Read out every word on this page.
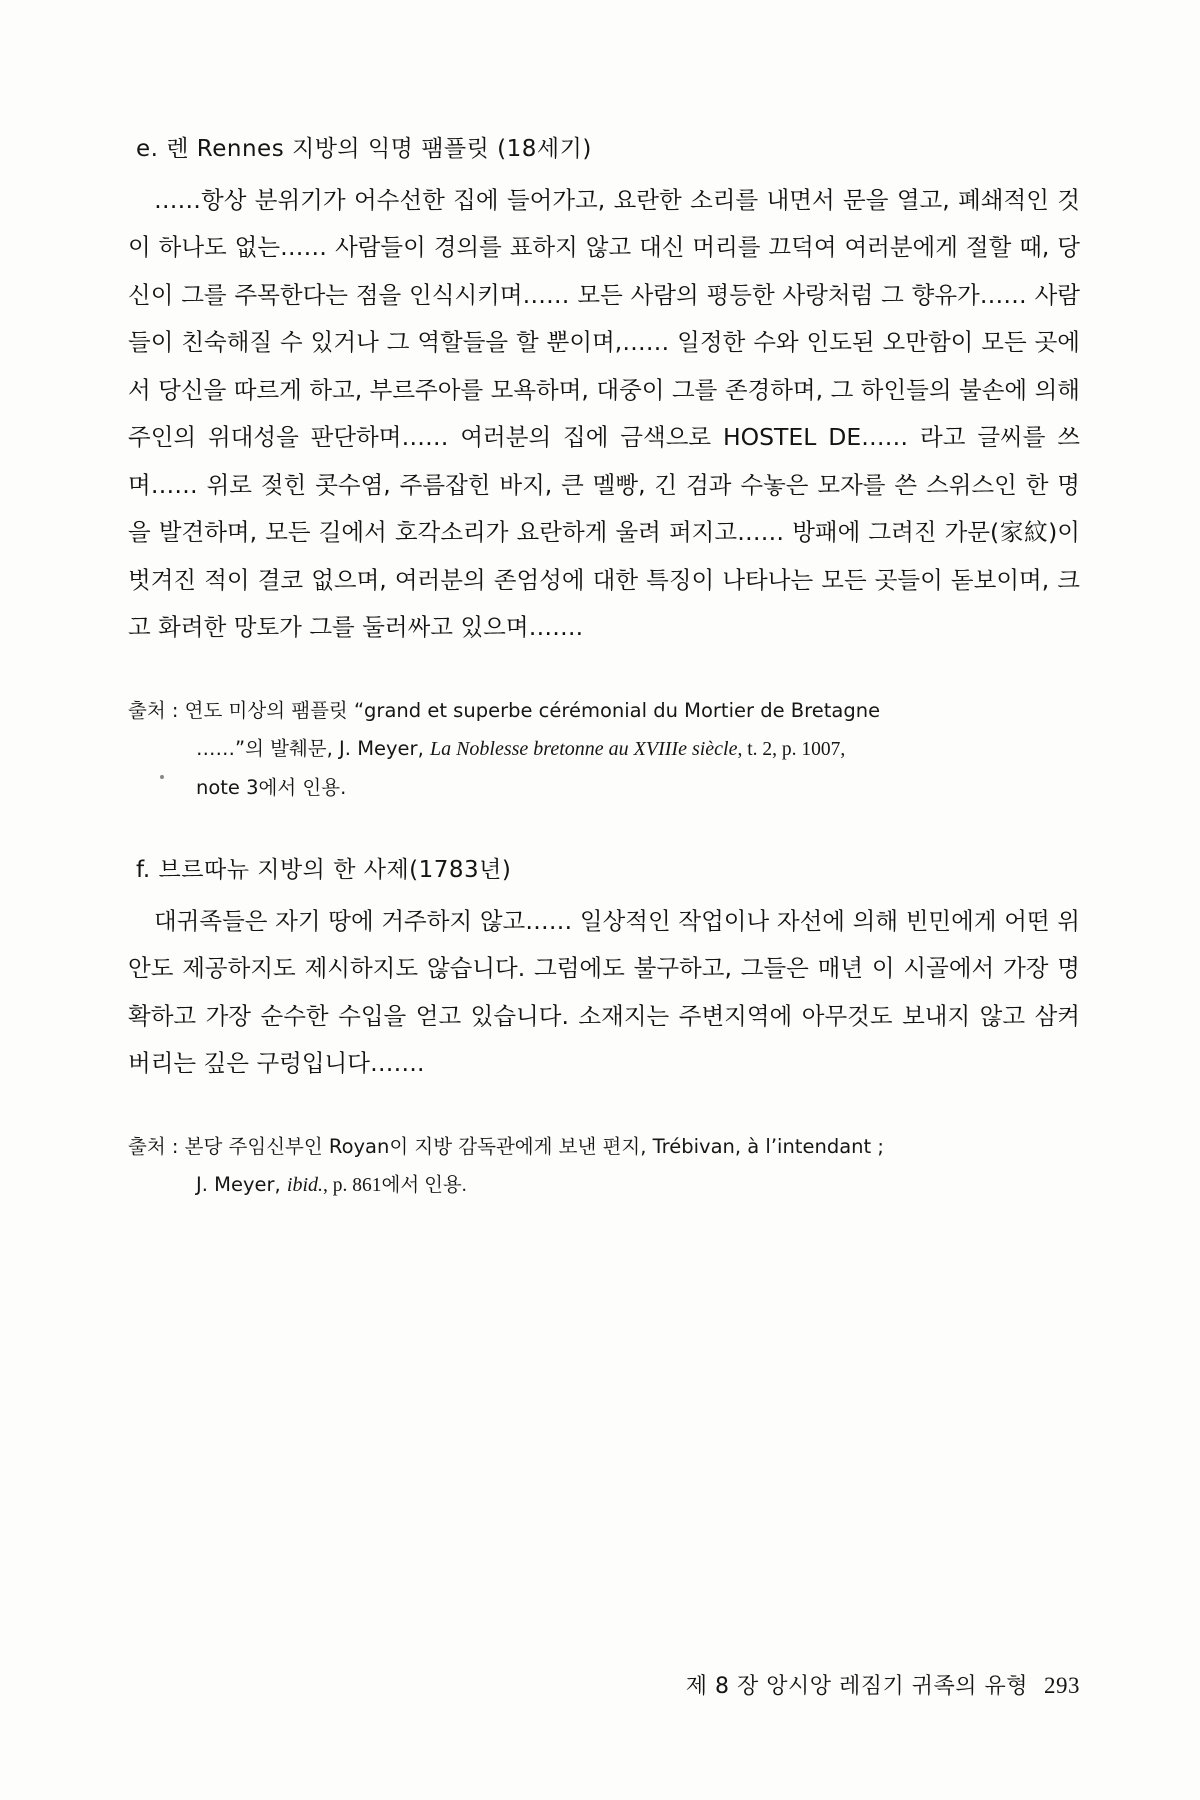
e. 렌 Rennes 지방의 익명 팸플릿 (18세기)

……항상 분위기가 어수선한 집에 들어가고, 요란한 소리를 내면서 문을 열고, 폐쇄적인 것이 하나도 없는…… 사람들이 경의를 표하지 않고 대신 머리를 끄덕여 여러분에게 절할 때, 당신이 그를 주목한다는 점을 인식시키며…… 모든 사람의 평등한 사랑처럼 그 향유가…… 사람들이 친숙해질 수 있거나 그 역할들을 할 뿐이며,…… 일정한 수와 인도된 오만함이 모든 곳에서 당신을 따르게 하고, 부르주아를 모욕하며, 대중이 그를 존경하며, 그 하인들의 불손에 의해 주인의 위대성을 판단하며…… 여러분의 집에 금색으로 HOSTEL DE…… 라고 글씨를 쓰며…… 위로 젖힌 콧수염, 주름잡힌 바지, 큰 멜빵, 긴 검과 수놓은 모자를 쓴 스위스인 한 명을 발견하며, 모든 길에서 호각소리가 요란하게 울려 퍼지고…… 방패에 그려진 가문(家紋)이 벗겨진 적이 결코 없으며, 여러분의 존엄성에 대한 특징이 나타나는 모든 곳들이 돋보이며, 크고 화려한 망토가 그를 둘러싸고 있으며…….

출처 : 연도 미상의 팸플릿 “grand et superbe cérémonial du Mortier de Bretagne
……”의 발췌문, J. Meyer, La Noblesse bretonne au XVIIIe siècle, t. 2, p. 1007,
note 3에서 인용.
f. 브르따뉴 지방의 한 사제(1783년)

대귀족들은 자기 땅에 거주하지 않고…… 일상적인 작업이나 자선에 의해 빈민에게 어떤 위안도 제공하지도 제시하지도 않습니다. 그럼에도 불구하고, 그들은 매년 이 시골에서 가장 명확하고 가장 순수한 수입을 얻고 있습니다. 소재지는 주변지역에 아무것도 보내지 않고 삼켜버리는 깊은 구렁입니다…….

출처 : 본당 주임신부인 Royan이 지방 감독관에게 보낸 편지, Trébivan, à l’intendant ;
J. Meyer, ibid., p. 861에서 인용.
제 8 장 앙시앙 레짐기 귀족의 유형 293
